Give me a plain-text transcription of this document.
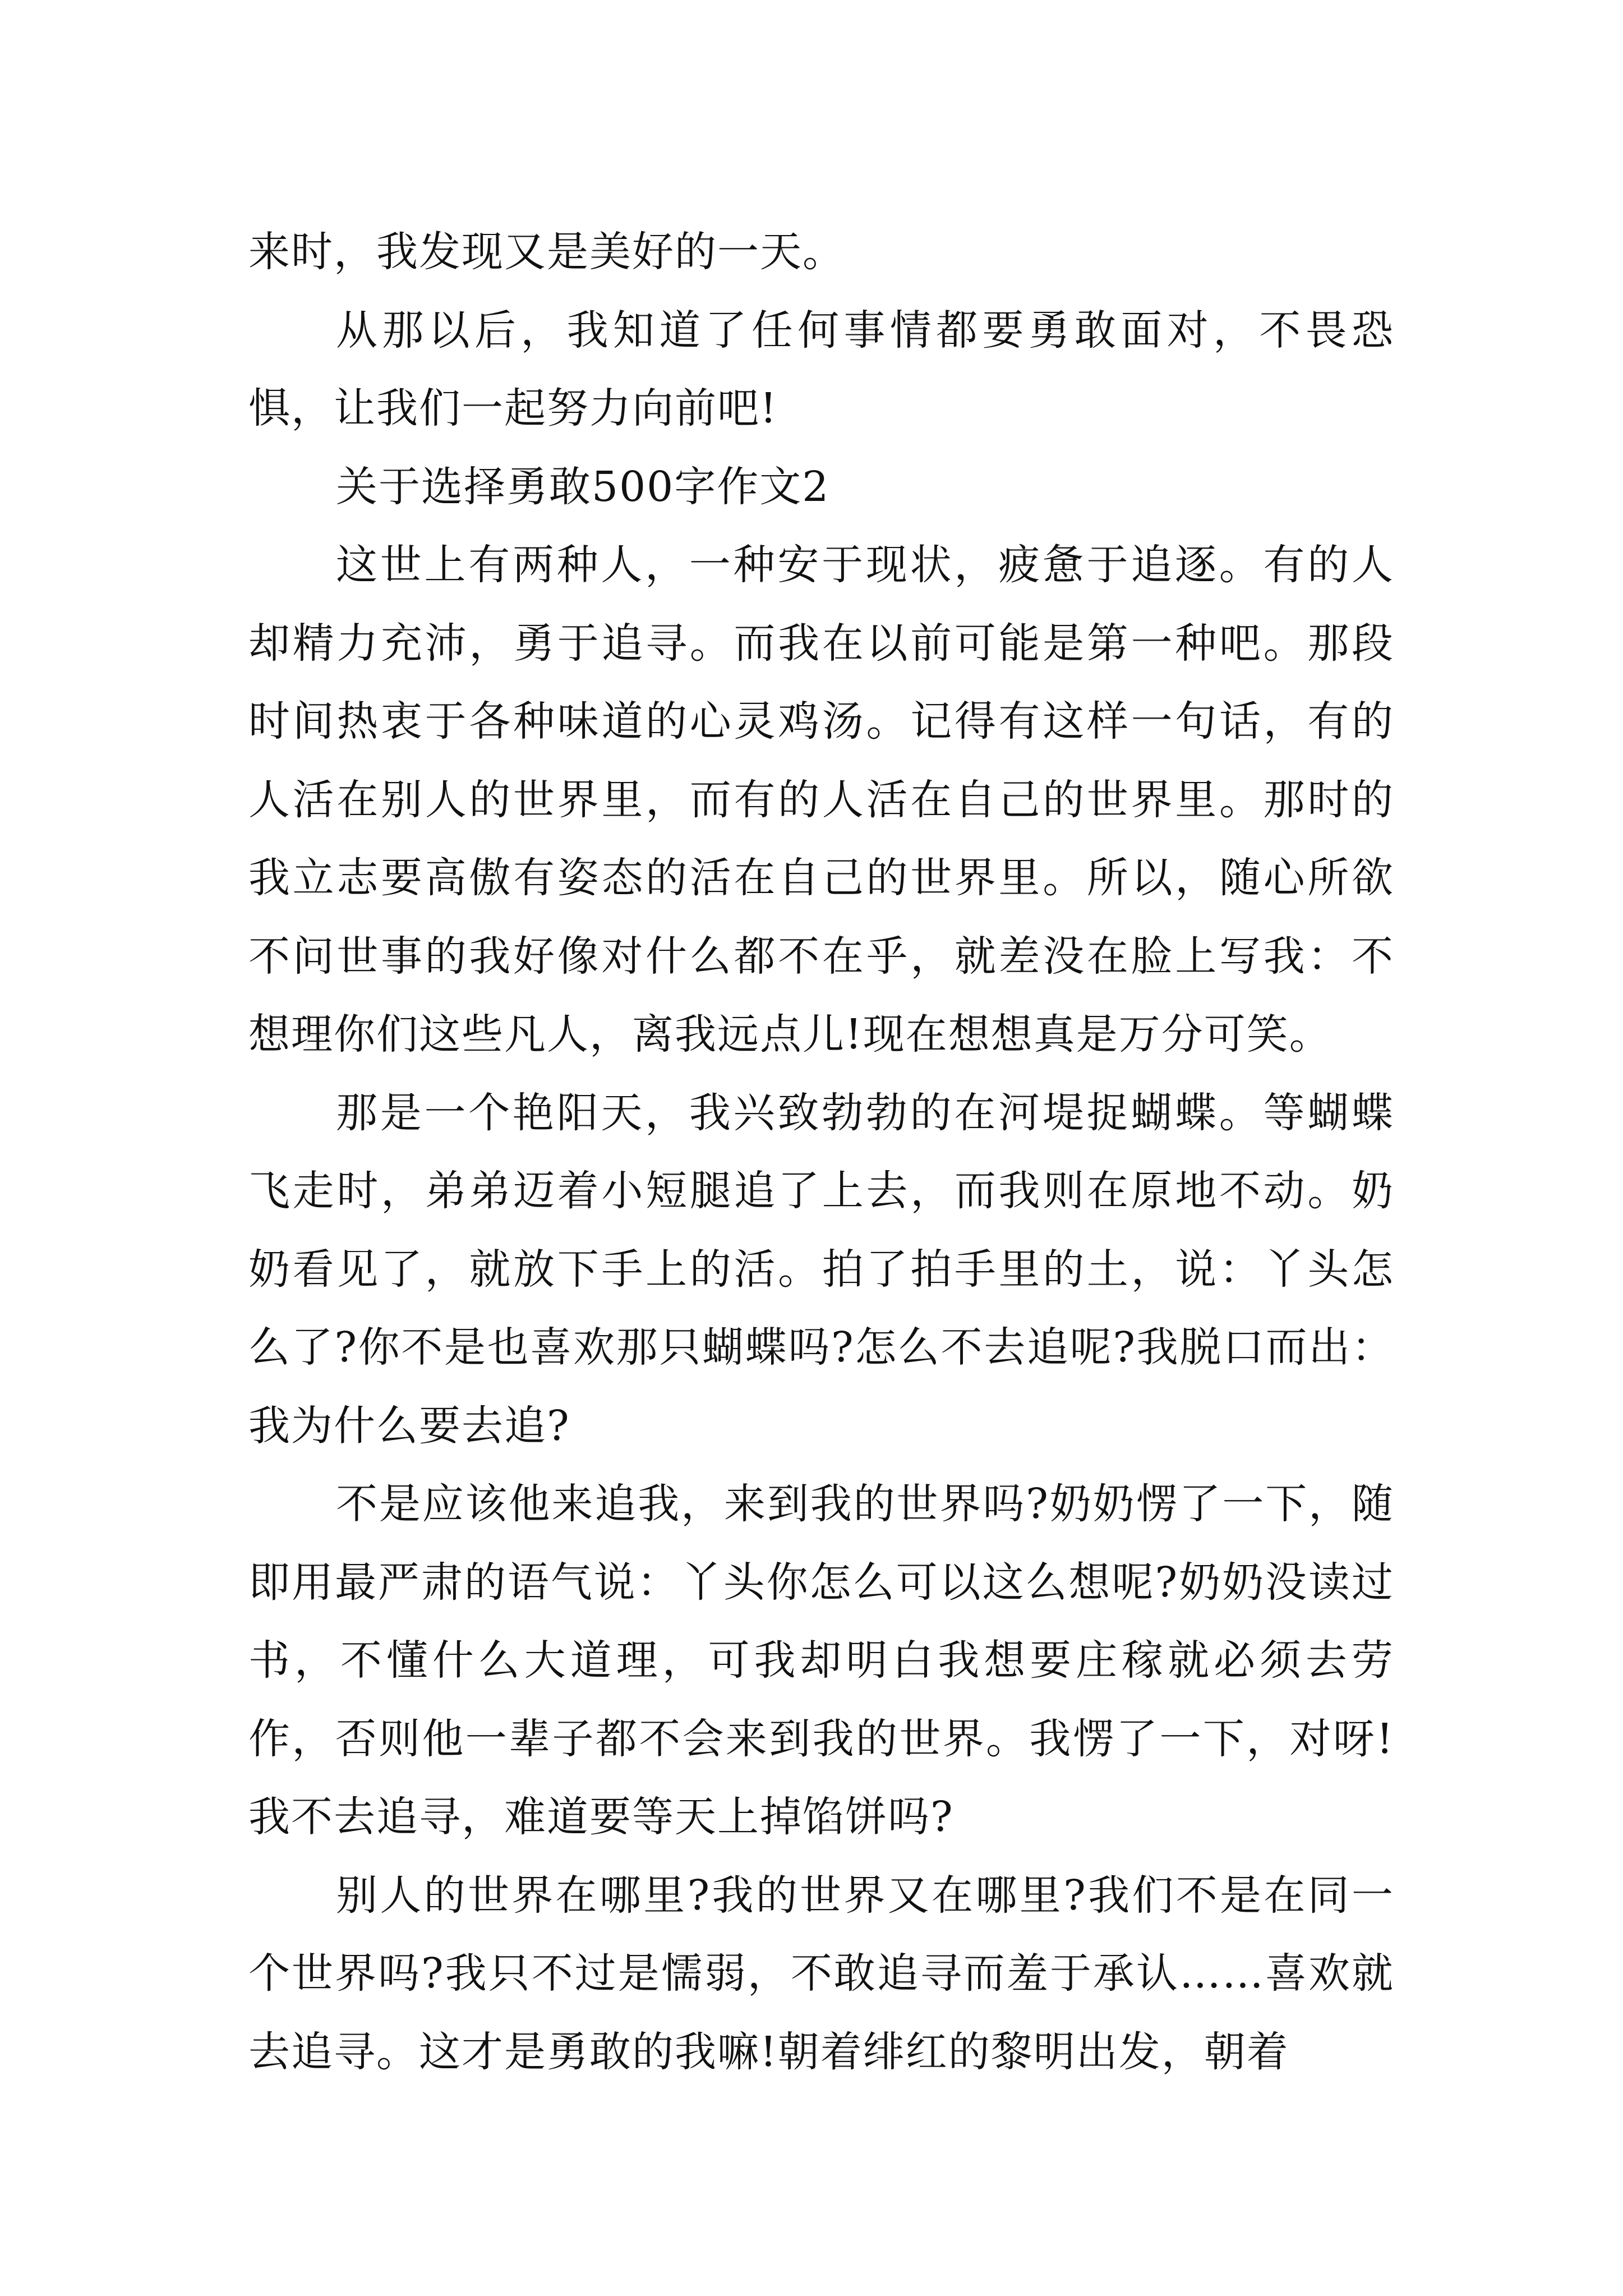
来时，我发现又是美好的一天。

从那以后，我知道了任何事情都要勇敢面对，不畏恐惧，让我们一起努力向前吧!

关于选择勇敢500字作文2

这世上有两种人，一种安于现状，疲惫于追逐。有的人却精力充沛，勇于追寻。而我在以前可能是第一种吧。那段时间热衷于各种味道的心灵鸡汤。记得有这样一句话，有的人活在别人的世界里，而有的人活在自己的世界里。那时的我立志要高傲有姿态的活在自己的世界里。所以，随心所欲不问世事的我好像对什么都不在乎，就差没在脸上写我：不想理你们这些凡人，离我远点儿!现在想想真是万分可笑。

那是一个艳阳天，我兴致勃勃的在河堤捉蝴蝶。等蝴蝶飞走时，弟弟迈着小短腿追了上去，而我则在原地不动。奶奶看见了，就放下手上的活。拍了拍手里的土，说：丫头怎么了?你不是也喜欢那只蝴蝶吗?怎么不去追呢?我脱口而出：我为什么要去追?

不是应该他来追我，来到我的世界吗?奶奶愣了一下，随即用最严肃的语气说：丫头你怎么可以这么想呢?奶奶没读过书，不懂什么大道理，可我却明白我想要庄稼就必须去劳作，否则他一辈子都不会来到我的世界。我愣了一下，对呀!我不去追寻，难道要等天上掉馅饼吗?

别人的世界在哪里?我的世界又在哪里?我们不是在同一个世界吗?我只不过是懦弱，不敢追寻而羞于承认……喜欢就去追寻。这才是勇敢的我嘛!朝着绯红的黎明出发，朝着
